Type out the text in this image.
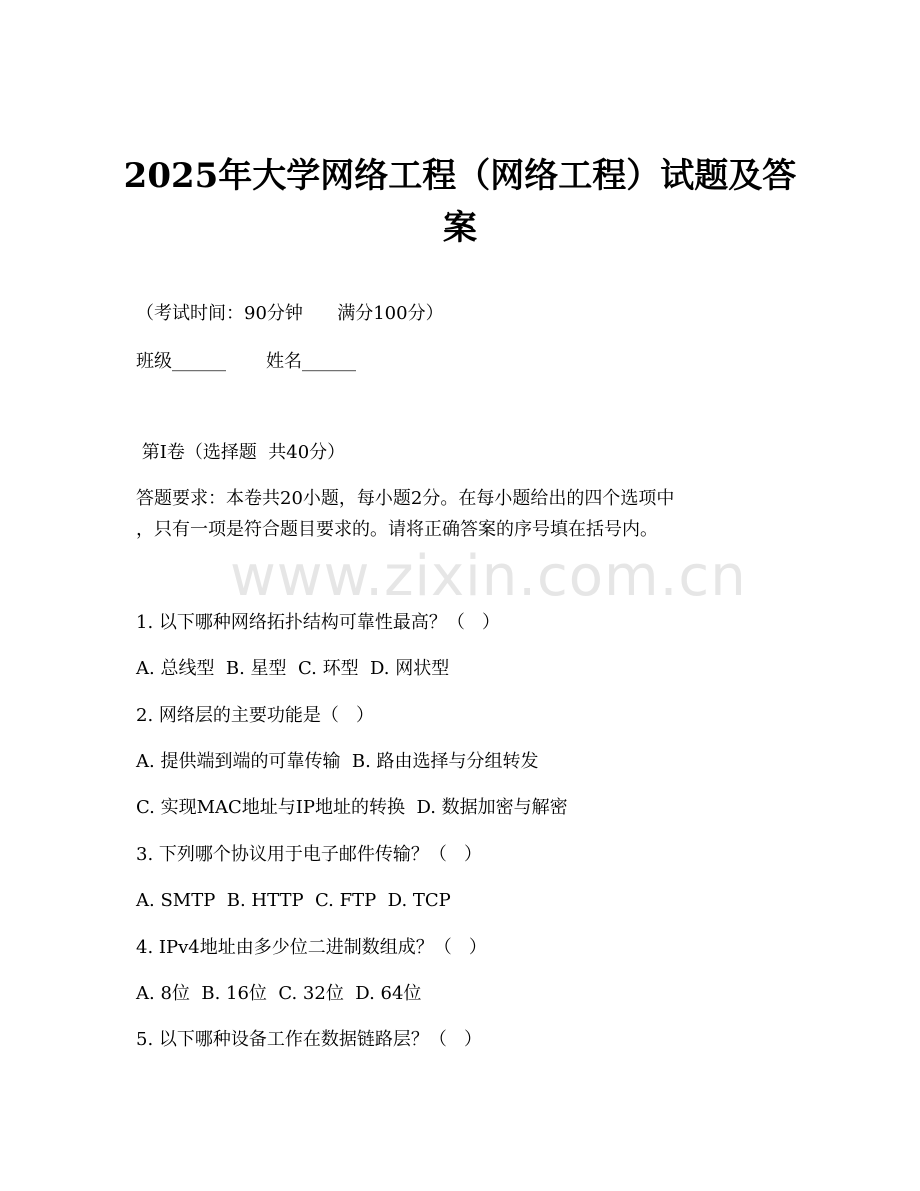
2025年大学网络工程（网络工程）试题及答
案

（考试时间：90分钟      满分100分）

班级______       姓名______

第I卷（选择题  共40分）

答题要求：本卷共20小题，每小题2分。在每小题给出的四个选项中

，只有一项是符合题目要求的。请将正确答案的序号填在括号内。

www.zixin.com.cn

1. 以下哪种网络拓扑结构可靠性最高？（   ）

A. 总线型  B. 星型  C. 环型  D. 网状型

2. 网络层的主要功能是（   ）

A. 提供端到端的可靠传输  B. 路由选择与分组转发

C. 实现MAC地址与IP地址的转换  D. 数据加密与解密

3. 下列哪个协议用于电子邮件传输？（   ）

A. SMTP  B. HTTP  C. FTP  D. TCP

4. IPv4地址由多少位二进制数组成？（   ）

A. 8位  B. 16位  C. 32位  D. 64位

5. 以下哪种设备工作在数据链路层？（   ）
